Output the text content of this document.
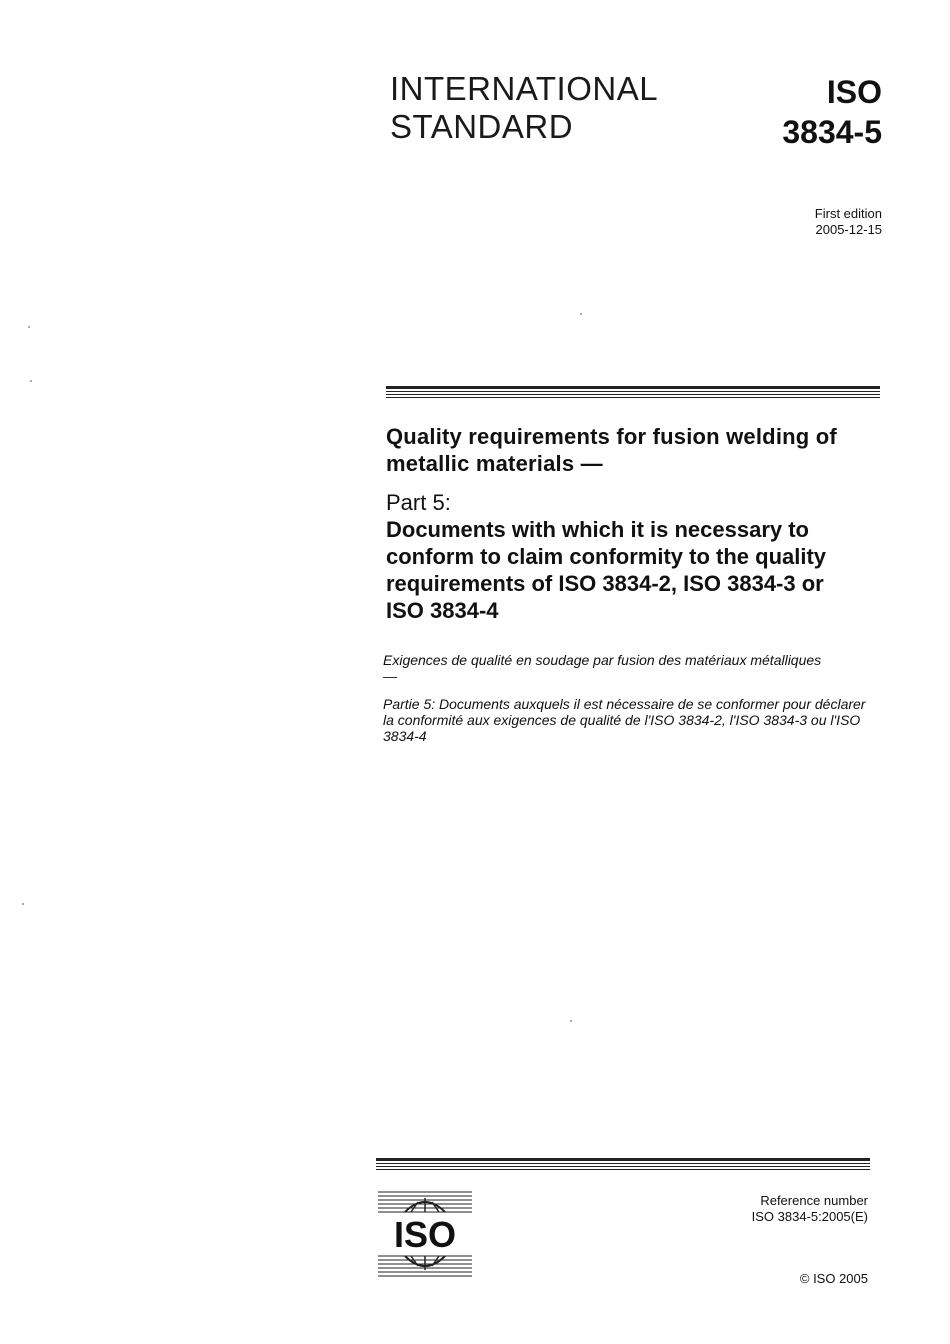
INTERNATIONAL
STANDARD
ISO
3834-5
First edition
2005-12-15
Quality requirements for fusion welding of metallic materials —
Part 5:
Documents with which it is necessary to conform to claim conformity to the quality requirements of ISO 3834-2, ISO 3834-3 or ISO 3834-4
Exigences de qualité en soudage par fusion des matériaux métalliques —
Partie 5: Documents auxquels il est nécessaire de se conformer pour déclarer la conformité aux exigences de qualité de l'ISO 3834-2, l'ISO 3834-3 ou l'ISO 3834-4
ISO
Reference number
ISO 3834-5:2005(E)
© ISO 2005
